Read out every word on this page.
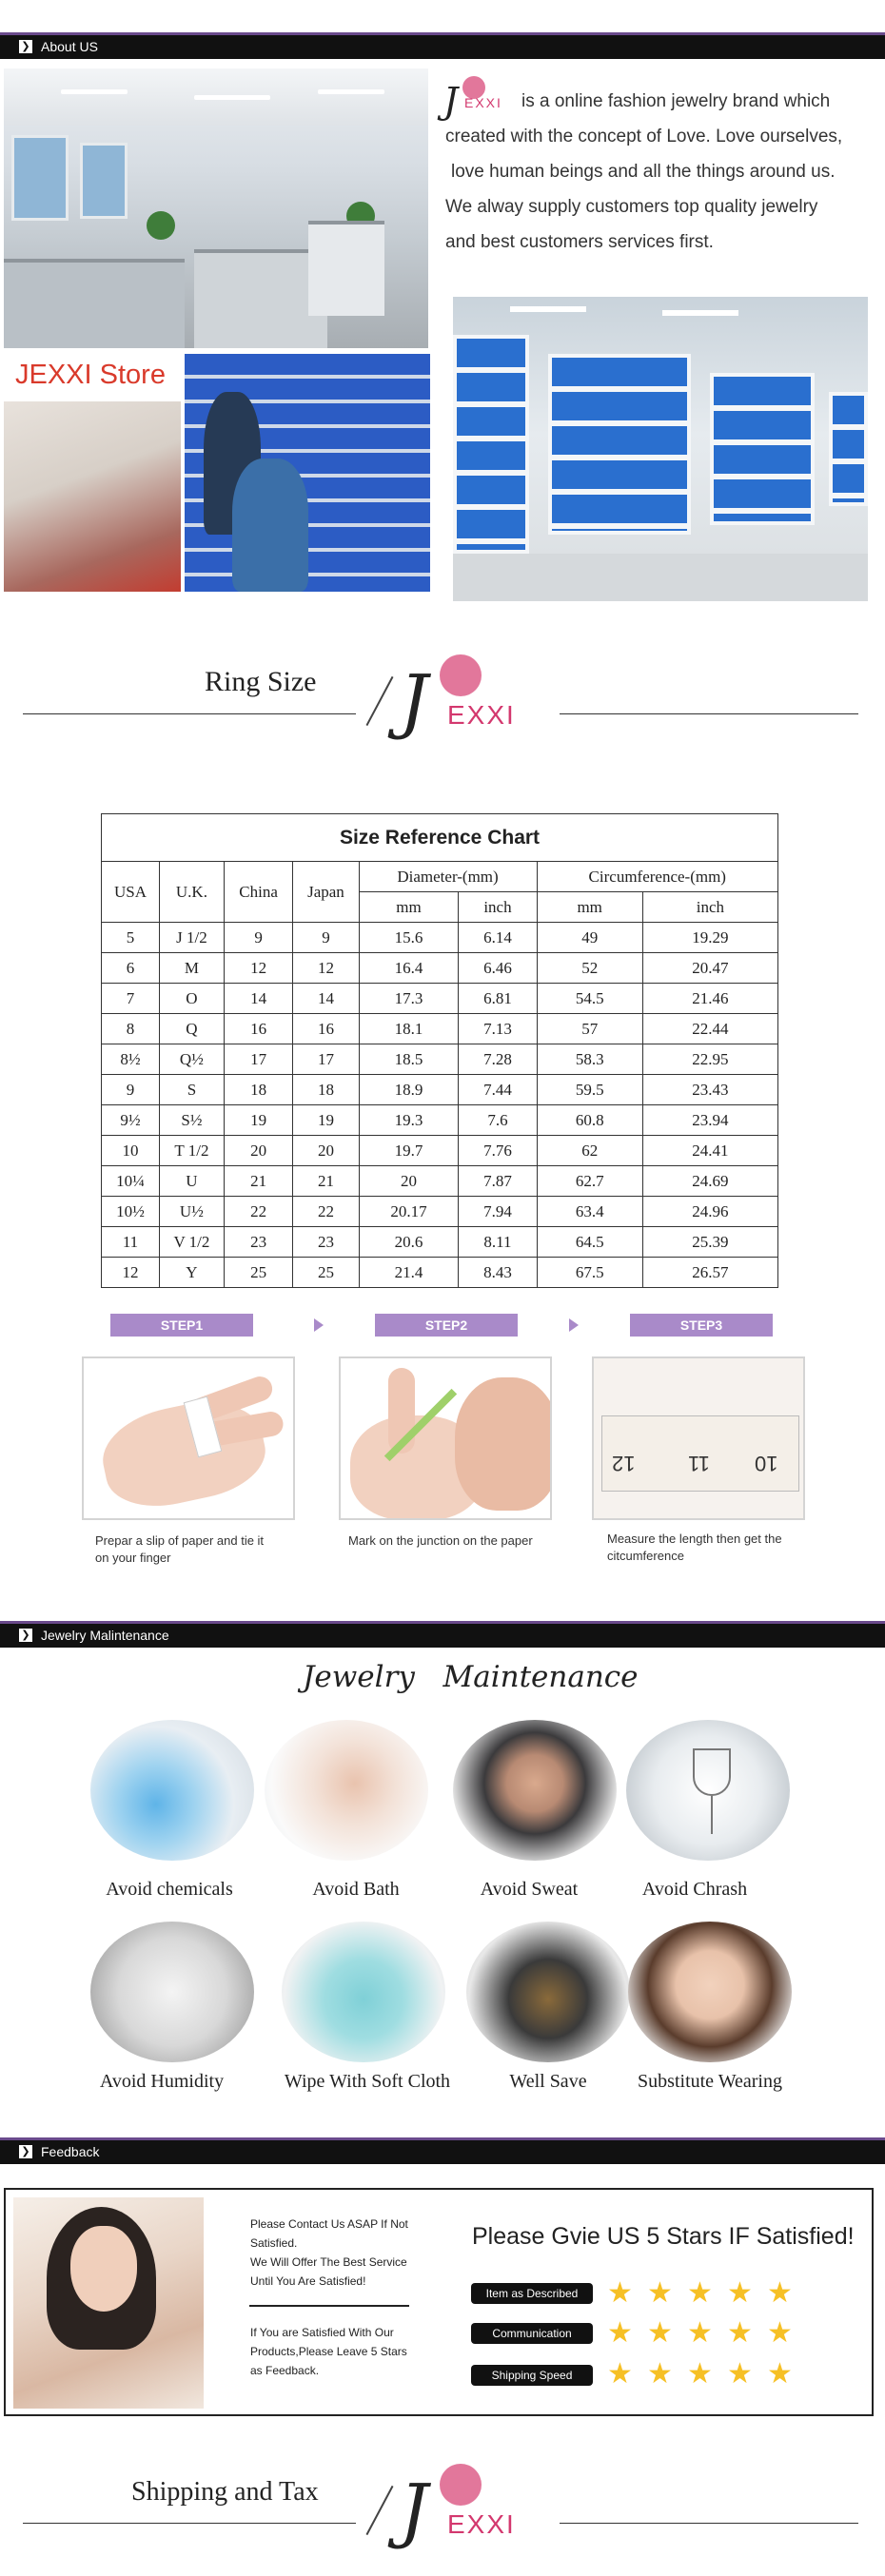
❯ About US
JEXXI Store
J EXXI	is a online fashion jewelry brand which
created with the concept of Love. Love ourselves,
love human beings and all the things around us.
We alway supply customers top quality jewelry
and best customers services first.
Ring Size J EXXI
Size Reference Chart							
USA	U.K.	China	Japan	Diameter-(mm)		Circumference-(mm)	
				mm	inch	mm	inch
5	J 1/2	9	9	15.6	6.14	49	19.29
6	M	12	12	16.4	6.46	52	20.47
7	O	14	14	17.3	6.81	54.5	21.46
8	Q	16	16	18.1	7.13	57	22.44
8½	Q½	17	17	18.5	7.28	58.3	22.95
9	S	18	18	18.9	7.44	59.5	23.43
9½	S½	19	19	19.3	7.6	60.8	23.94
10	T 1/2	20	20	19.7	7.76	62	24.41
10¼	U	21	21	20	7.87	62.7	24.69
10½	U½	22	22	20.17	7.94	63.4	24.96
11	V 1/2	23	23	20.6	8.11	64.5	25.39
12	Y	25	25	21.4	8.43	67.5	26.57
STEP1	STEP2	STEP3
12	11 10
Prepar a slip of paper and tie it
on your finger
Mark on the junction on the paper	Measure the length then get the
citcumference
❯ Jewelry Malintenance
Jewelry Maintenance
Avoid chemicals	Avoid Bath	Avoid Sweat	Avoid Chrash
Avoid Humidity	Wipe With Soft Cloth	Well Save	Substitute Wearing
❯ Feedback
Please Contact Us ASAP If Not
Satisfied.
We Will Offer The Best Service
Until You Are Satisfied!
If You are Satisfied With Our
Products,Please Leave 5 Stars
as Feedback.
Please Gvie US 5 Stars IF Satisfied!
Item as Described
Communication
Shipping Speed
★ ★ ★ ★ ★
★ ★ ★ ★ ★
★ ★ ★ ★ ★
Shipping and Tax J EXXI
